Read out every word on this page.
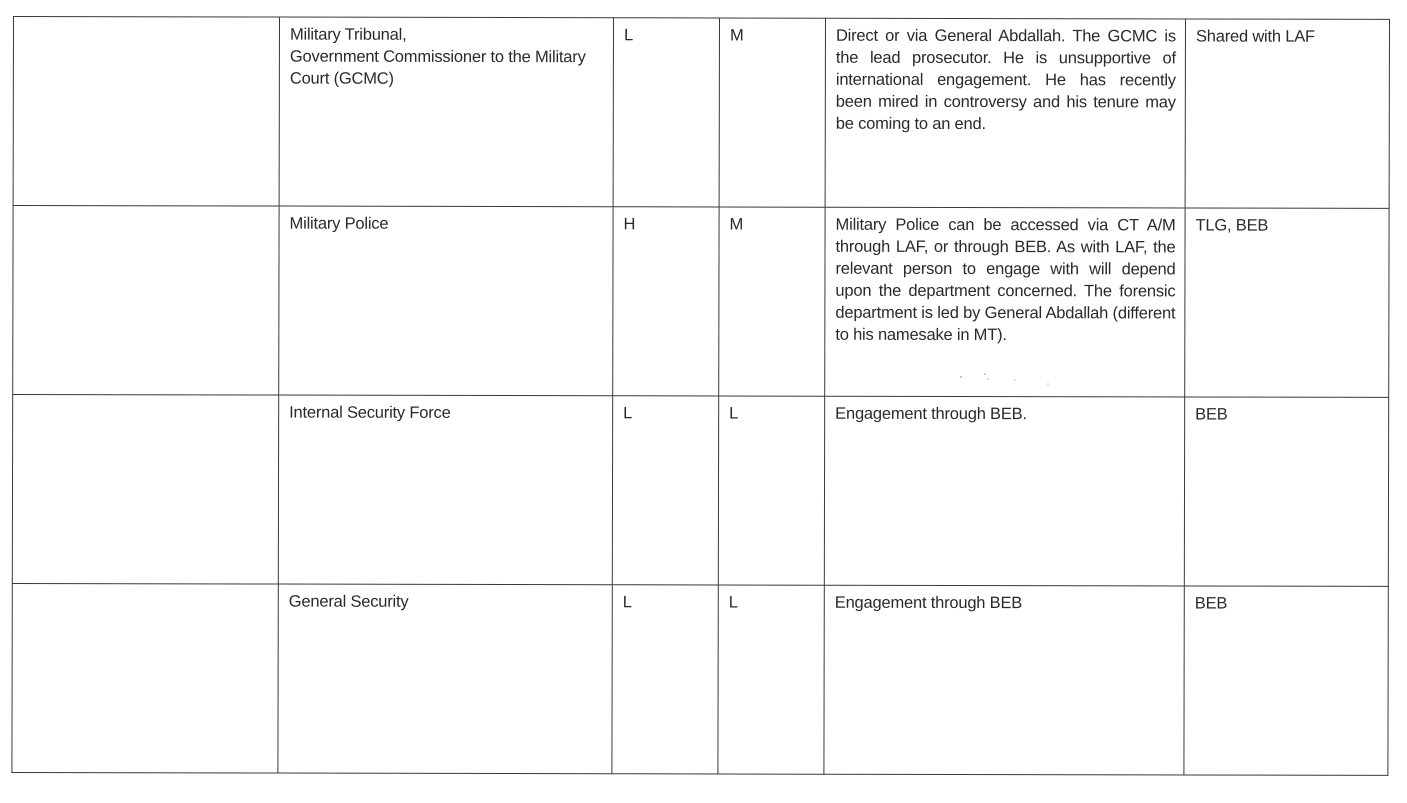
	Military Tribunal,
Government Commissioner to the Military
Court (GCMC)	L	M	Direct or via General Abdallah. The GCMC is the lead prosecutor. He is unsupportive of international engagement. He has recently been mired in controversy and his tenure may be coming to an end.	Shared with LAF

	Military Police	H	M	Military Police can be accessed via CT A/M through LAF, or through BEB. As with LAF, the relevant person to engage with will depend upon the department concerned. The forensic department is led by General Abdallah (different to his namesake in MT).	TLG, BEB

	Internal Security Force	L	L	Engagement through BEB.	BEB

	General Security	L	L	Engagement through BEB	BEB
